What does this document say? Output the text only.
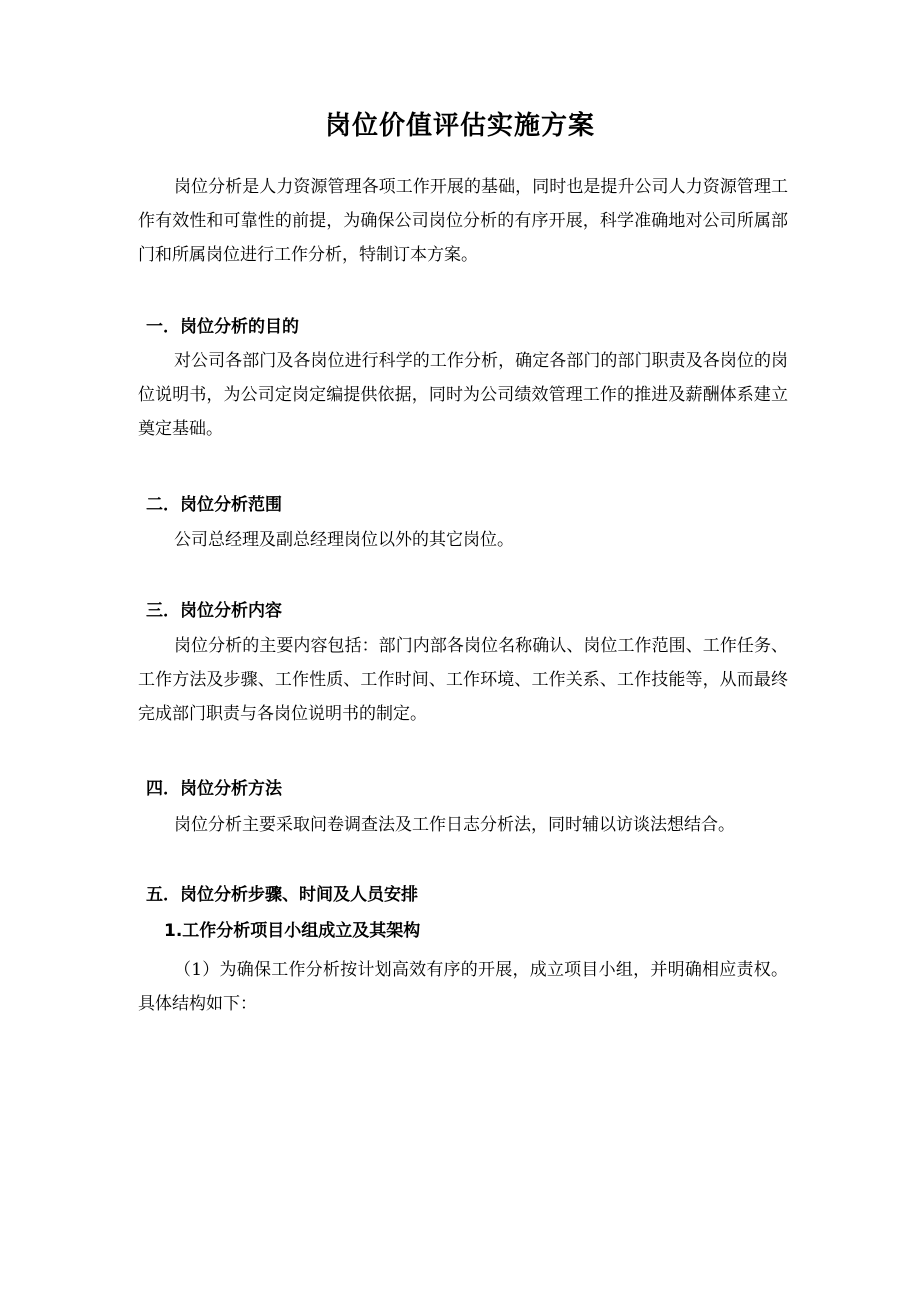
岗位价值评估实施方案
岗位分析是人力资源管理各项工作开展的基础，同时也是提升公司人力资源管理工作有效性和可靠性的前提，为确保公司岗位分析的有序开展，科学准确地对公司所属部门和所属岗位进行工作分析，特制订本方案。
一．岗位分析的目的
对公司各部门及各岗位进行科学的工作分析，确定各部门的部门职责及各岗位的岗位说明书，为公司定岗定编提供依据，同时为公司绩效管理工作的推进及薪酬体系建立奠定基础。
二．岗位分析范围
公司总经理及副总经理岗位以外的其它岗位。
三．岗位分析内容
岗位分析的主要内容包括：部门内部各岗位名称确认、岗位工作范围、工作任务、工作方法及步骤、工作性质、工作时间、工作环境、工作关系、工作技能等，从而最终完成部门职责与各岗位说明书的制定。
四．岗位分析方法
岗位分析主要采取问卷调查法及工作日志分析法，同时辅以访谈法想结合。
五．岗位分析步骤、时间及人员安排
1.工作分析项目小组成立及其架构
（1）为确保工作分析按计划高效有序的开展，成立项目小组，并明确相应责权。具体结构如下：
